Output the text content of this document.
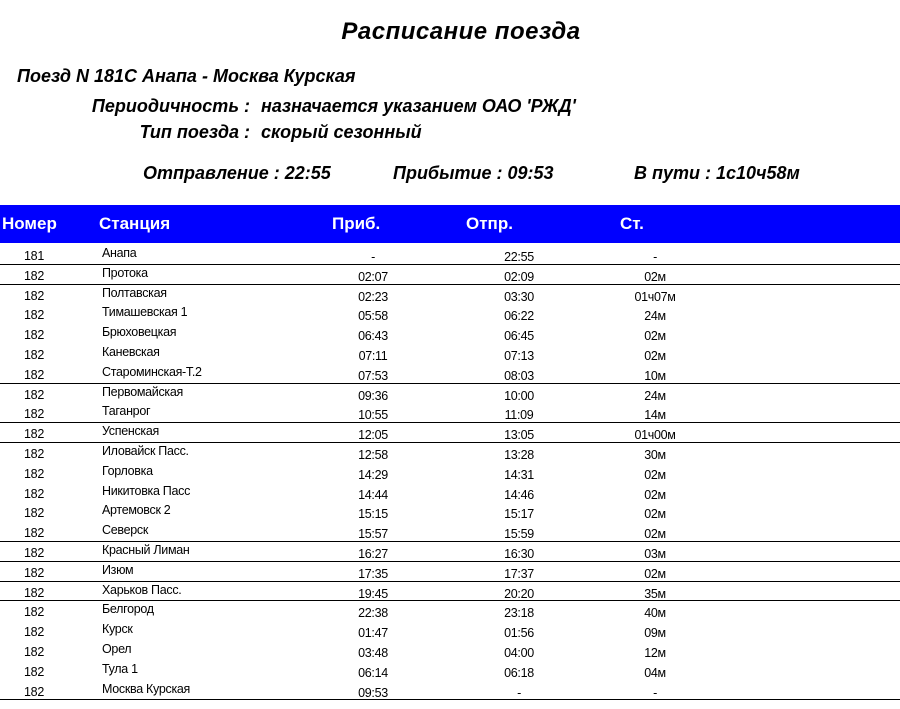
Расписание поезда
Поезд N 181С Анапа - Москва Курская
Периодичность : назначается указанием ОАО 'РЖД'
Тип поезда : скорый сезонный
Отправление : 22:55	Прибытие : 09:53	В пути : 1с10ч58м
Номер Станция	Приб.	Отпр.	Ст.
181	Анапа	-	22:55	-
182	Протока	02:07	02:09	02м
182	Полтавская	02:23	03:30	01ч07м
182	Тимашевская 1	05:58	06:22	24м
182	Брюховецкая	06:43	06:45	02м
182	Каневская	07:11	07:13	02м
182	Староминская-Т.2	07:53	08:03	10м
182	Первомайская	09:36	10:00	24м
182	Таганрог	10:55	11:09	14м
182	Успенская	12:05	13:05	01ч00м
182	Иловайск Пасс.	12:58	13:28	30м
182	Горловка	14:29	14:31	02м
182	Никитовка Пасс	14:44	14:46	02м
182	Артемовск 2	15:15	15:17	02м
182	Северск	15:57	15:59	02м
182	Красный Лиман	16:27	16:30	03м
182	Изюм	17:35	17:37	02м
182	Харьков Пасс.	19:45	20:20	35м
182	Белгород	22:38	23:18	40м
182	Курск	01:47	01:56	09м
182	Орел	03:48	04:00	12м
182	Тула 1	06:14	06:18	04м
182	Москва Курская	09:53	-	-
